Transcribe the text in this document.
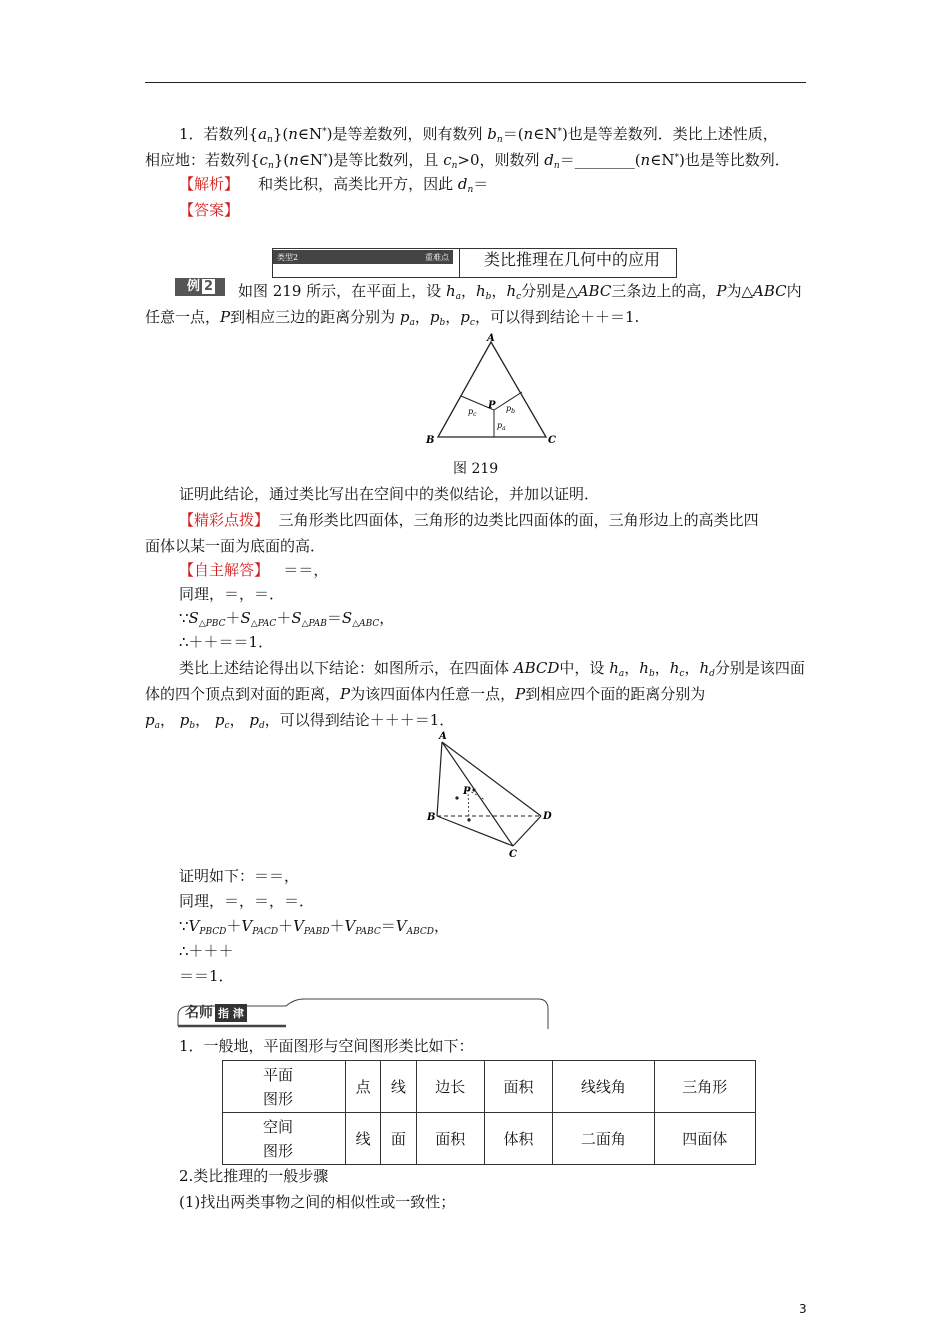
1．若数列$\{a_n\}(n\in N^*)$是等差数列，则有数列 $b_n=(n\in N^*)$也是等差数列．类比上述性质，
相应地：若数列$\{c_n\}(n\in N^*)$是等比数列，且 $c_n>0$，则数列 $d_n=\_\_\_\_\_\_\_\_(n\in N^*)$也是等比数列．
【解析】 和类比积，高类比开方，因此 $d_n=$
【答案】
类型2	重难点	类比推理在几何中的应用
例 2	如图 219 所示，在平面上，设 $h_a$，$h_b$，$h_c$分别是△ABC三条边上的高，P为△ABC内
任意一点，P到相应三边的距离分别为 $p_a$，$p_b$，$p_c$，可以得到结论＋＋＝1.
A
B	C
P
$p_c$
$p_b$
$p_a$
图 219
证明此结论，通过类比写出在空间中的类似结论，并加以证明．
【精彩点拨】 三角形类比四面体，三角形的边类比四面体的面，三角形边上的高类比四
面体以某一面为底面的高．
【自主解答】 ＝＝，
同理，＝，＝．
$\because S_{\triangle PBC}+S_{\triangle PAC}+S_{\triangle PAB}=S_{\triangle ABC}$，
∴＋＋＝＝1．
类比上述结论得出以下结论：如图所示，在四面体 ABCD中，设 $h_a$，$h_b$，$h_c$，$h_d$分别是该四面
体的四个顶点到对面的距离，P为该四面体内任意一点，P到相应四个面的距离分别为
$p_a$， $p_b$， $p_c$， $p_d$，可以得到结论＋＋＋＝1．
A
B	D
C
P
证明如下：＝＝，
同理，＝，＝，＝．
$\because V_{PBCD}+V_{PACD}+V_{PABD}+V_{PABC}=V_{ABCD}$，
∴＋＋＋
＝＝1．
名师 指 津
1．一般地，平面图形与空间图形类比如下：
平面
图形	点	线	边长	面积	线线角	三角形
空间
图形	线	面	面积	体积	二面角	四面体
2.类比推理的一般步骤
(1)找出两类事物之间的相似性或一致性；
3
